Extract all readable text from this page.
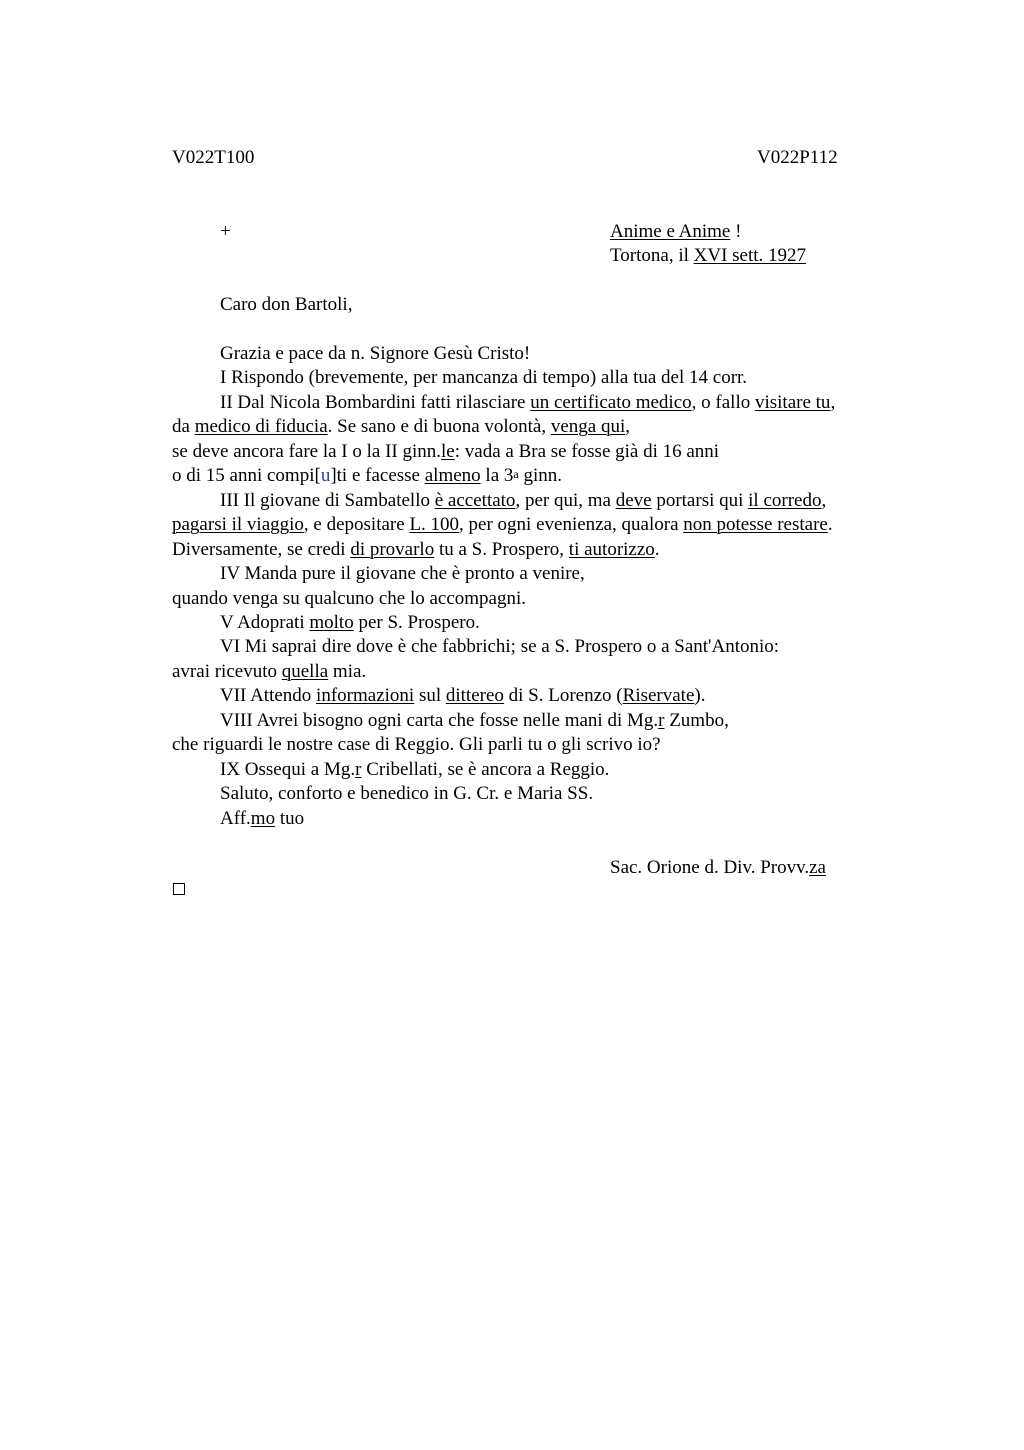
V022T100	V022P112
+	Anime e Anime !
Tortona, il XVI sett. 1927
Caro don Bartoli,
Grazia e pace da n. Signore Gesù Cristo!
I Rispondo (brevemente, per mancanza di tempo) alla tua del 14 corr.
II Dal Nicola Bombardini fatti rilasciare un certificato medico, o fallo visitare tu,
da medico di fiducia. Se sano e di buona volontà, venga qui,
se deve ancora fare la I o la II ginn.le: vada a Bra se fosse già di 16 anni
o di 15 anni compi[u]ti e facesse almeno la 3$^a$ ginn.
III Il giovane di Sambatello è accettato, per qui, ma deve portarsi qui il corredo,
pagarsi il viaggio, e depositare L. 100, per ogni evenienza, qualora non potesse restare.
Diversamente, se credi di provarlo tu a S. Prospero, ti autorizzo.
IV Manda pure il giovane che è pronto a venire,
quando venga su qualcuno che lo accompagni.
V Adoprati molto per S. Prospero.
VI Mi saprai dire dove è che fabbrichi; se a S. Prospero o a Sant'Antonio:
avrai ricevuto quella mia.
VII Attendo informazioni sul dittereo di S. Lorenzo (Riservate).
VIII Avrei bisogno ogni carta che fosse nelle mani di Mg.r Zumbo,
che riguardi le nostre case di Reggio. Gli parli tu o gli scrivo io?
IX Ossequi a Mg.r Cribellati, se è ancora a Reggio.
Saluto, conforto e benedico in G. Cr. e Maria SS.
Aff.mo tuo
Sac. Orione d. Div. Provv.za
